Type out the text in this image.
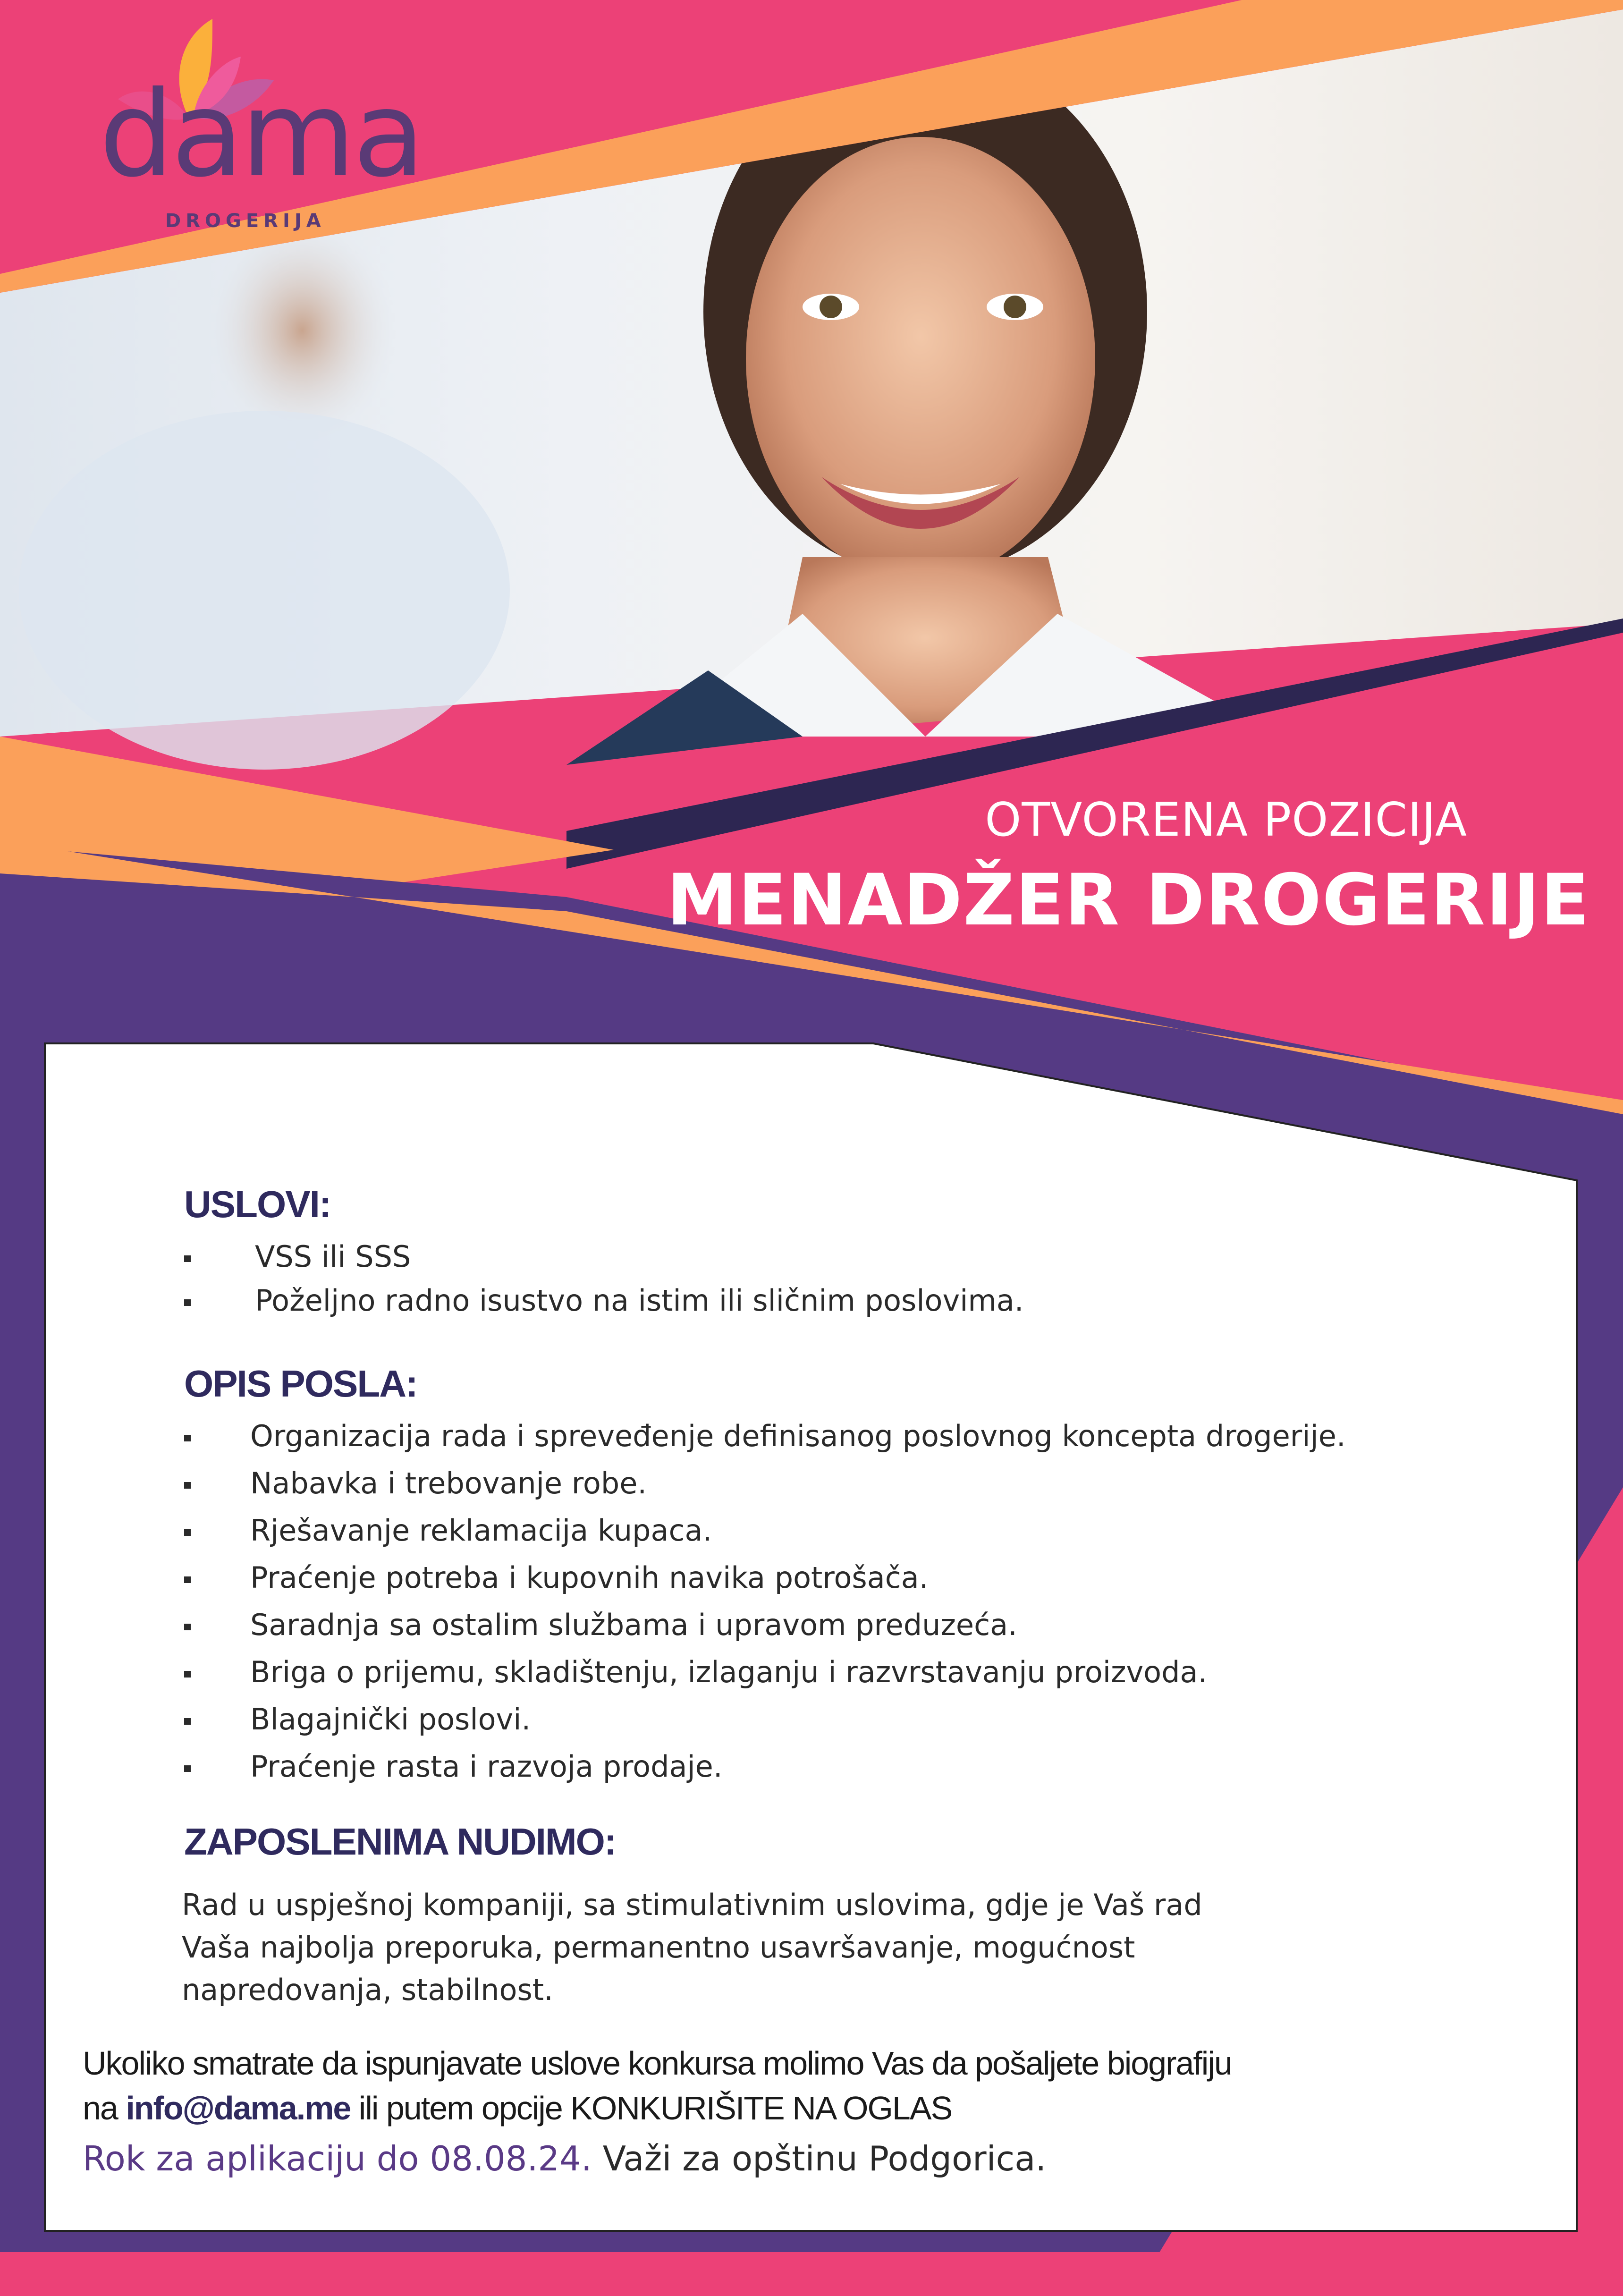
dama
DROGERIJA
OTVORENA POZICIJA
MENADŽER DROGERIJE
USLOVI:
VSS ili SSS
Poželjno radno isustvo na istim ili sličnim poslovima.
OPIS POSLA:
Organizacija rada i spreveđenje definisanog poslovnog koncepta drogerije.
Nabavka i trebovanje robe.
Rješavanje reklamacija kupaca.
Praćenje potreba i kupovnih navika potrošača.
Saradnja sa ostalim službama i upravom preduzeća.
Briga o prijemu, skladištenju, izlaganju i razvrstavanju proizvoda.
Blagajnički poslovi.
Praćenje rasta i razvoja prodaje.
ZAPOSLENIMA NUDIMO:
Rad u uspješnoj kompaniji, sa stimulativnim uslovima, gdje je Vaš rad
Vaša najbolja preporuka, permanentno usavršavanje, mogućnost
napredovanja, stabilnost.
Ukoliko smatrate da ispunjavate uslove konkursa molimo Vas da pošaljete biografiju
na info@dama.me ili putem opcije KONKURIŠITE NA OGLAS
Rok za aplikaciju do 08.08.24. Važi za opštinu Podgorica.
